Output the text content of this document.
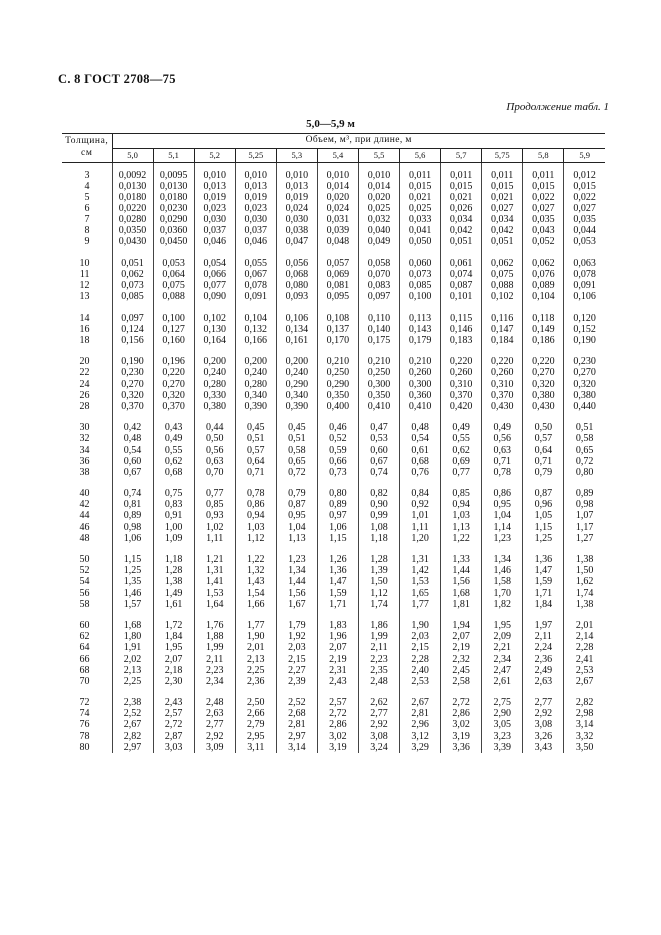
С. 8 ГОСТ 2708—75
Продолжение табл. 1
5,0—5,9 м
Толщина, см	Объем, м³, при длине, м											
	5,0	5,1	5,2	5,25	5,3	5,4	5,5	5,6	5,7	5,75	5,8	5,9

3	0,0092	0,0095	0,010	0,010	0,010	0,010	0,010	0,011	0,011	0,011	0,011	0,012
4	0,0130	0,0130	0,013	0,013	0,013	0,014	0,014	0,015	0,015	0,015	0,015	0,015
5	0,0180	0,0180	0,019	0,019	0,019	0,020	0,020	0,021	0,021	0,021	0,022	0,022
6	0,0220	0,0230	0,023	0,023	0,024	0,024	0,025	0,025	0,026	0,027	0,027	0,027
7	0,0280	0,0290	0,030	0,030	0,030	0,031	0,032	0,033	0,034	0,034	0,035	0,035
8	0,0350	0,0360	0,037	0,037	0,038	0,039	0,040	0,041	0,042	0,042	0,043	0,044
9	0,0430	0,0450	0,046	0,046	0,047	0,048	0,049	0,050	0,051	0,051	0,052	0,053

10	0,051	0,053	0,054	0,055	0,056	0,057	0,058	0,060	0,061	0,062	0,062	0,063
11	0,062	0,064	0,066	0,067	0,068	0,069	0,070	0,073	0,074	0,075	0,076	0,078
12	0,073	0,075	0,077	0,078	0,080	0,081	0,083	0,085	0,087	0,088	0,089	0,091
13	0,085	0,088	0,090	0,091	0,093	0,095	0,097	0,100	0,101	0,102	0,104	0,106

14	0,097	0,100	0,102	0,104	0,106	0,108	0,110	0,113	0,115	0,116	0,118	0,120
16	0,124	0,127	0,130	0,132	0,134	0,137	0,140	0,143	0,146	0,147	0,149	0,152
18	0,156	0,160	0,164	0,166	0,161	0,170	0,175	0,179	0,183	0,184	0,186	0,190

20	0,190	0,196	0,200	0,200	0,200	0,210	0,210	0,210	0,220	0,220	0,220	0,230
22	0,230	0,220	0,240	0,240	0,240	0,250	0,250	0,260	0,260	0,260	0,270	0,270
24	0,270	0,270	0,280	0,280	0,290	0,290	0,300	0,300	0,310	0,310	0,320	0,320
26	0,320	0,320	0,330	0,340	0,340	0,350	0,350	0,360	0,370	0,370	0,380	0,380
28	0,370	0,370	0,380	0,390	0,390	0,400	0,410	0,410	0,420	0,430	0,430	0,440

30	0,42	0,43	0,44	0,45	0,45	0,46	0,47	0,48	0,49	0,49	0,50	0,51
32	0,48	0,49	0,50	0,51	0,51	0,52	0,53	0,54	0,55	0,56	0,57	0,58
34	0,54	0,55	0,56	0,57	0,58	0,59	0,60	0,61	0,62	0,63	0,64	0,65
36	0,60	0,62	0,63	0,64	0,65	0,66	0,67	0,68	0,69	0,71	0,71	0,72
38	0,67	0,68	0,70	0,71	0,72	0,73	0,74	0,76	0,77	0,78	0,79	0,80

40	0,74	0,75	0,77	0,78	0,79	0,80	0,82	0,84	0,85	0,86	0,87	0,89
42	0,81	0,83	0,85	0,86	0,87	0,89	0,90	0,92	0,94	0,95	0,96	0,98
44	0,89	0,91	0,93	0,94	0,95	0,97	0,99	1,01	1,03	1,04	1,05	1,07
46	0,98	1,00	1,02	1,03	1,04	1,06	1,08	1,11	1,13	1,14	1,15	1,17
48	1,06	1,09	1,11	1,12	1,13	1,15	1,18	1,20	1,22	1,23	1,25	1,27

50	1,15	1,18	1,21	1,22	1,23	1,26	1,28	1,31	1,33	1,34	1,36	1,38
52	1,25	1,28	1,31	1,32	1,34	1,36	1,39	1,42	1,44	1,46	1,47	1,50
54	1,35	1,38	1,41	1,43	1,44	1,47	1,50	1,53	1,56	1,58	1,59	1,62
56	1,46	1,49	1,53	1,54	1,56	1,59	1,12	1,65	1,68	1,70	1,71	1,74
58	1,57	1,61	1,64	1,66	1,67	1,71	1,74	1,77	1,81	1,82	1,84	1,38

60	1,68	1,72	1,76	1,77	1,79	1,83	1,86	1,90	1,94	1,95	1,97	2,01
62	1,80	1,84	1,88	1,90	1,92	1,96	1,99	2,03	2,07	2,09	2,11	2,14
64	1,91	1,95	1,99	2,01	2,03	2,07	2,11	2,15	2,19	2,21	2,24	2,28
66	2,02	2,07	2,11	2,13	2,15	2,19	2,23	2,28	2,32	2,34	2,36	2,41
68	2,13	2,18	2,23	2,25	2,27	2,31	2,35	2,40	2,45	2,47	2,49	2,53
70	2,25	2,30	2,34	2,36	2,39	2,43	2,48	2,53	2,58	2,61	2,63	2,67

72	2,38	2,43	2,48	2,50	2,52	2,57	2,62	2,67	2,72	2,75	2,77	2,82
74	2,52	2,57	2,63	2,66	2,68	2,72	2,77	2,81	2,86	2,90	2,92	2,98
76	2,67	2,72	2,77	2,79	2,81	2,86	2,92	2,96	3,02	3,05	3,08	3,14
78	2,82	2,87	2,92	2,95	2,97	3,02	3,08	3,12	3,19	3,23	3,26	3,32
80	2,97	3,03	3,09	3,11	3,14	3,19	3,24	3,29	3,36	3,39	3,43	3,50
